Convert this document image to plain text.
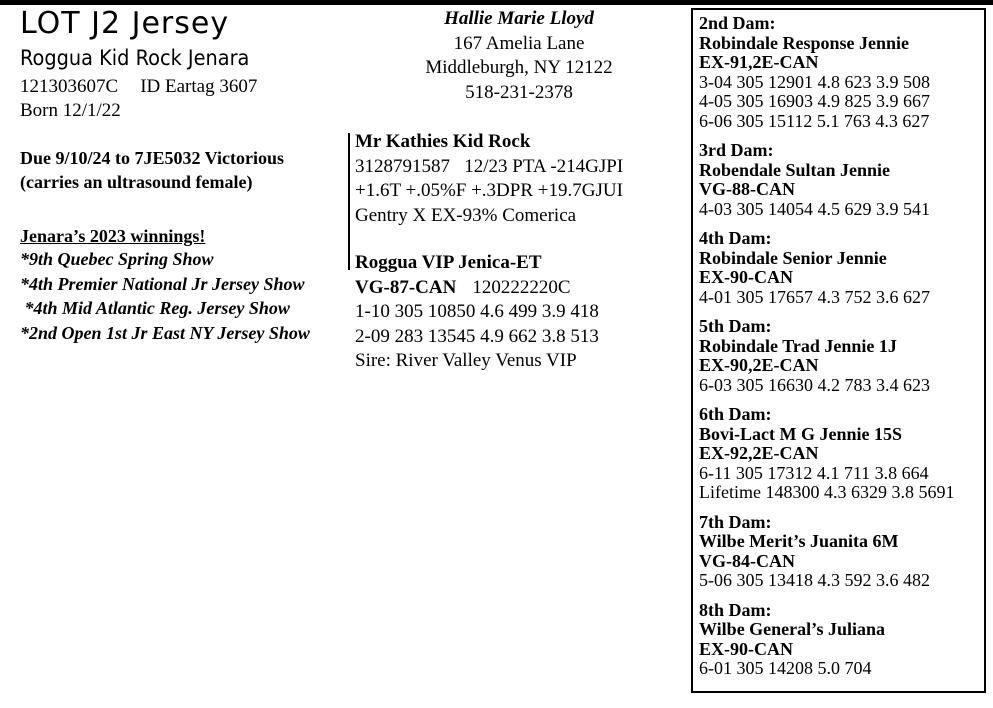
LOT J2 Jersey
Roggua Kid Rock Jenara
121303607C ID Eartag 3607
Born 12/1/22
Due 9/10/24 to 7JE5032 Victorious
(carries an ultrasound female)
Jenara’s 2023 winnings!
*9th Quebec Spring Show
*4th Premier National Jr Jersey Show
*4th Mid Atlantic Reg. Jersey Show
*2nd Open 1st Jr East NY Jersey Show
Hallie Marie Lloyd
167 Amelia Lane
Middleburgh, NY 12122
518-231-2378
Mr Kathies Kid Rock
3128791587   12/23 PTA -214GJPI
+1.6T +.05%F +.3DPR +19.7GJUI
Gentry X EX-93% Comerica
Roggua VIP Jenica-ET
VG-87-CAN 120222220C
1-10 305 10850 4.6 499 3.9 418
2-09 283 13545 4.9 662 3.8 513
Sire: River Valley Venus VIP
2nd Dam:
Robindale Response Jennie
EX-91,2E-CAN
3-04 305 12901 4.8 623 3.9 508
4-05 305 16903 4.9 825 3.9 667
6-06 305 15112 5.1 763 4.3 627
3rd Dam:
Robendale Sultan Jennie
VG-88-CAN
4-03 305 14054 4.5 629 3.9 541
4th Dam:
Robindale Senior Jennie
EX-90-CAN
4-01 305 17657 4.3 752 3.6 627
5th Dam:
Robindale Trad Jennie 1J
EX-90,2E-CAN
6-03 305 16630 4.2 783 3.4 623
6th Dam:
Bovi-Lact M G Jennie 15S
EX-92,2E-CAN
6-11 305 17312 4.1 711 3.8 664
Lifetime 148300 4.3 6329 3.8 5691
7th Dam:
Wilbe Merit’s Juanita 6M
VG-84-CAN
5-06 305 13418 4.3 592 3.6 482
8th Dam:
Wilbe General’s Juliana
EX-90-CAN
6-01 305 14208 5.0 704
